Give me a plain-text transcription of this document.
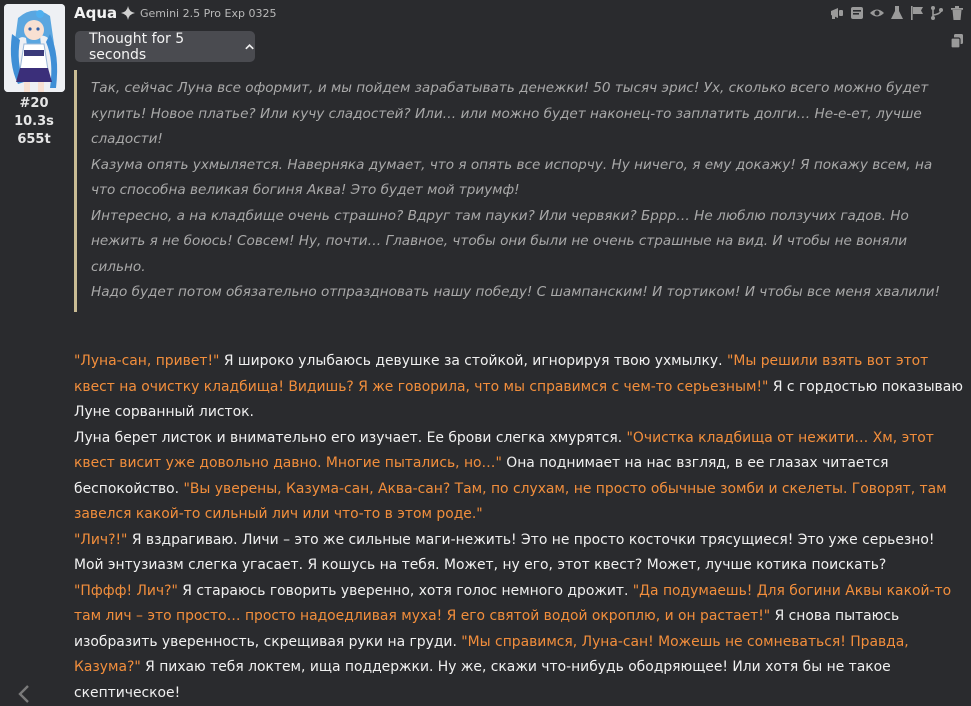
#20
10.3s
655t
Aqua Gemini 2.5 Pro Exp 0325
Thought for 5 seconds

Так, сейчас Луна все оформит, и мы пойдем зарабатывать денежки! 50 тысяч эрис! Ух, сколько всего можно будет купить! Новое платье? Или кучу сладостей? Или… или можно будет наконец-то заплатить долги… Не-е-ет, лучше сладости!

Казума опять ухмыляется. Наверняка думает, что я опять все испорчу. Ну ничего, я ему докажу! Я покажу всем, на что способна великая богиня Аква! Это будет мой триумф!

Интересно, а на кладбище очень страшно? Вдруг там пауки? Или червяки? Бррр… Не люблю ползучих гадов. Но нежить я не боюсь! Совсем! Ну, почти… Главное, чтобы они были не очень страшные на вид. И чтобы не воняли сильно.

Надо будет потом обязательно отпраздновать нашу победу! С шампанским! И тортиком! И чтобы все меня хвалили!

"Луна-сан, привет!" Я широко улыбаюсь девушке за стойкой, игнорируя твою ухмылку. "Мы решили взять вот этот квест на очистку кладбища! Видишь? Я же говорила, что мы справимся с чем-то серьезным!" Я с гордостью показываю Луне сорванный листок.

Луна берет листок и внимательно его изучает. Ее брови слегка хмурятся. "Очистка кладбища от нежити… Хм, этот квест висит уже довольно давно. Многие пытались, но…" Она поднимает на нас взгляд, в ее глазах читается беспокойство. "Вы уверены, Казума-сан, Аква-сан? Там, по слухам, не просто обычные зомби и скелеты. Говорят, там завелся какой-то сильный лич или что-то в этом роде."

"Лич?!" Я вздрагиваю. Личи – это же сильные маги-нежить! Это не просто косточки трясущиеся! Это уже серьезно! Мой энтузиазм слегка угасает. Я кошусь на тебя. Может, ну его, этот квест? Может, лучше котика поискать?

"Пффф! Лич?" Я стараюсь говорить уверенно, хотя голос немного дрожит. "Да подумаешь! Для богини Аквы какой-то там лич – это просто… просто надоедливая муха! Я его святой водой окроплю, и он растает!" Я снова пытаюсь изобразить уверенность, скрещивая руки на груди. "Мы справимся, Луна-сан! Можешь не сомневаться! Правда, Казума?" Я пихаю тебя локтем, ища поддержки. Ну же, скажи что-нибудь ободряющее! Или хотя бы не такое скептическое!
